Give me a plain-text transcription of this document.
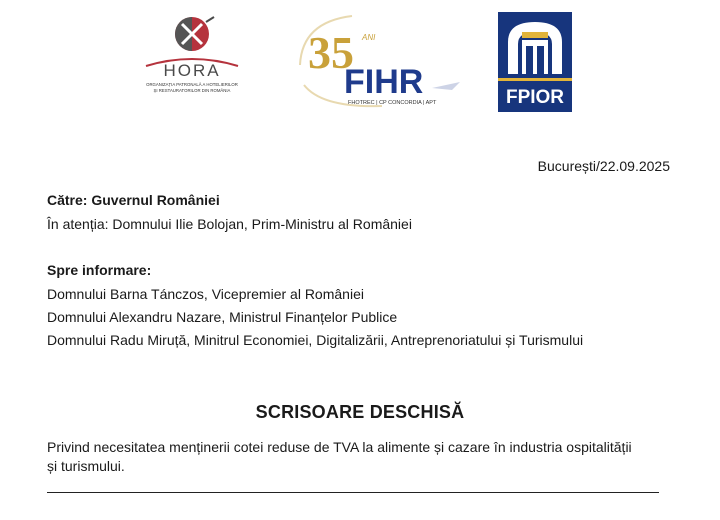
HORA
ORGANIZAȚIA PATRONALĂ A HOTELIERILOR
ȘI RESTAURATORILOR DIN ROMÂNIA
35 ANI
FIHR
FHOTREC | CP CONCORDIA | APT	FPIOR
București/22.09.2025
Către: Guvernul României
În atenția: Domnului Ilie Bolojan, Prim-Ministru al României
Spre informare:
Domnului Barna Tánczos, Vicepremier al României
Domnului Alexandru Nazare, Ministrul Finanțelor Publice
Domnului Radu Miruță, Minitrul Economiei, Digitalizării, Antreprenoriatului și Turismului
SCRISOARE DESCHISĂ
Privind necesitatea menținerii cotei reduse de TVA la alimente și cazare în industria ospitalității
și turismului.
